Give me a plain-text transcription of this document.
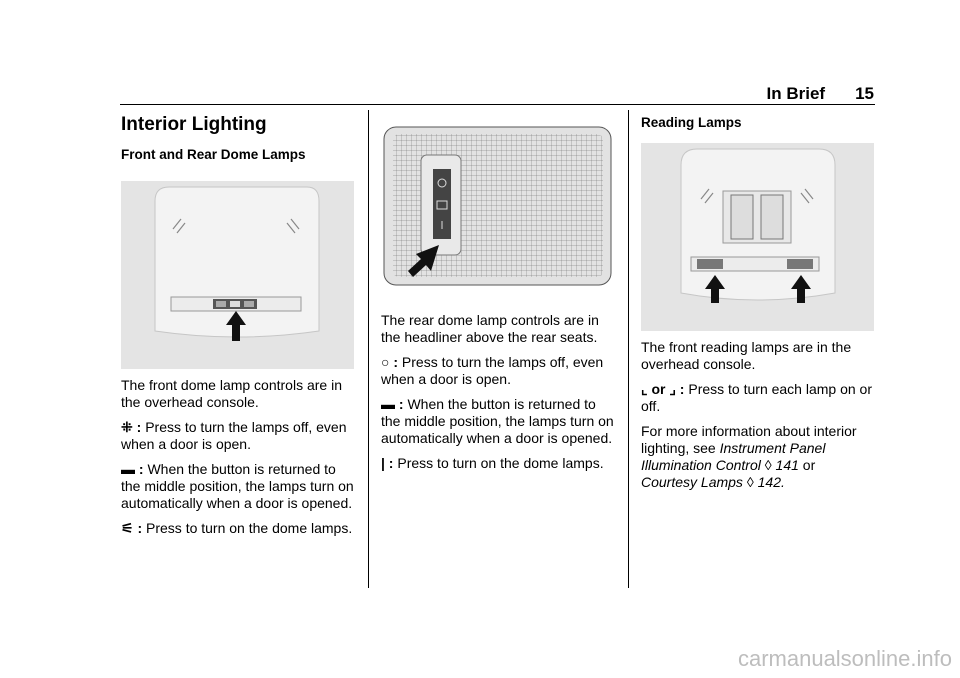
In Brief 15
Interior Lighting
Front and Rear Dome Lamps

The front dome lamp controls are in the overhead console.

⁜ : Press to turn the lamps off, even when a door is open.

▬ : When the button is returned to the middle position, the lamps turn on automatically when a door is opened.

⚟ : Press to turn on the dome lamps.

The rear dome lamp controls are in the headliner above the rear seats.

○ : Press to turn the lamps off, even when a door is open.

▬ : When the button is returned to the middle position, the lamps turn on automatically when a door is opened.

| : Press to turn on the dome lamps.

Reading Lamps

The front reading lamps are in the overhead console.

⌞ or ⌟ : Press to turn each lamp on or off.

For more information about interior lighting, see Instrument Panel Illumination Control ◊ 141 or Courtesy Lamps ◊ 142.

carmanualsonline.info
